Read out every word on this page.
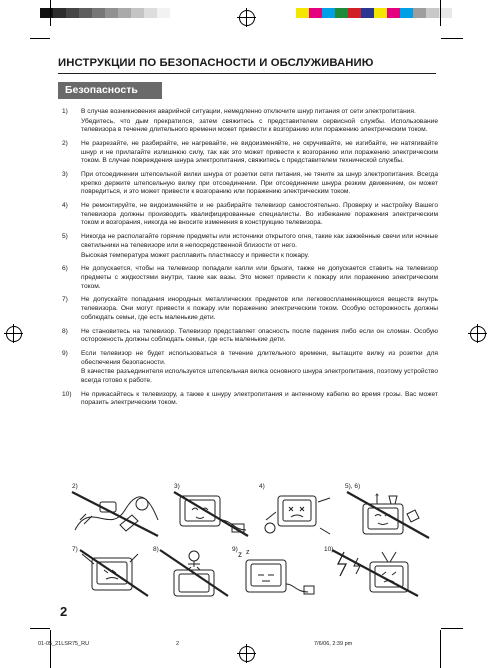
ИНСТРУКЦИИ ПО БЕЗОПАСНОСТИ И ОБСЛУЖИВАНИЮ
Безопасность
1)	В случае возникновения аварийной ситуации, немедленно отключите шнур питания от сети электропитания.

Убедитесь, что дым прекратился, затем свяжитесь с представителем сервисной службы. Использование телевизора в течение длительного времени может привести к возгоранию или поражению электрическим током.

2)	Не разрезайте, не разбирайте, не нагревайте, не видоизменяйте, не скручивайте, не изгибайте, не натягивайте шнур и не прилагайте излишнюю силу, так как это может привести к возгоранию или поражению электрическим током. В случае повреждения шнура электропитания, свяжитесь с представителем технической службы.

3)	При отсоединении штепсельной вилки шнура от розетки сети питания, не тяните за шнур электропитания. Всегда крепко держите штепсельную вилку при отсоединении. При отсоединении шнура резким движением, он может повредиться, и это может привести к возгоранию или поражению электрическим током.

4)	Не ремонтируйте, не видоизменяйте и не разбирайте телевизор самостоятельно. Проверку и настройку Вашего телевизора должны производить квалифицированные специалисты. Во избежание поражения электрическим током и возгорания, никогда не вносите изменения в конструкцию телевизора.

5)	Никогда не располагайте горячие предметы или источники открытого огня, такие как зажжённые свечи или ночные светильники на телевизоре или в непосредственной близости от него.

Высокая температура может расплавить пластмассу и привести к пожару.

6)	Не допускается, чтобы на телевизор попадали капли или брызги, также не допускается ставить на телевизор предметы с жидкостями внутри, такие как вазы. Это может привести к пожару или поражению электрическим током.

7)	Не допускайте попадания инородных металлических предметов или легковоспламеняющихся веществ внутрь телевизора. Они могут привести к пожару или поражению электрическим током. Особую осторожность должны соблюдать семьи, где есть маленькие дети.

8)	Не становитесь на телевизор. Телевизор представляет опасность после падения либо если он сломан. Особую осторожность должны соблюдать семьи, где есть маленькие дети.

9)	Если телевизор не будет использоваться в течение длительного времени, вытащите вилку из розетки для обеспечения безопасности.

В качестве разъединителя используется штепсельная вилка основного шнура электропитания, поэтому устройство всегда готово к работе.

10)	Не прикасайтесь к телевизору, а также к шнуру электропитания и антенному кабелю во время грозы. Вас может поразить электрическим током.

2)	3)	4)	5), 6)
7)	8)	9)	10)
z z
2
01-05_21LSR75_RU	2	7/6/06, 2:39 pm
